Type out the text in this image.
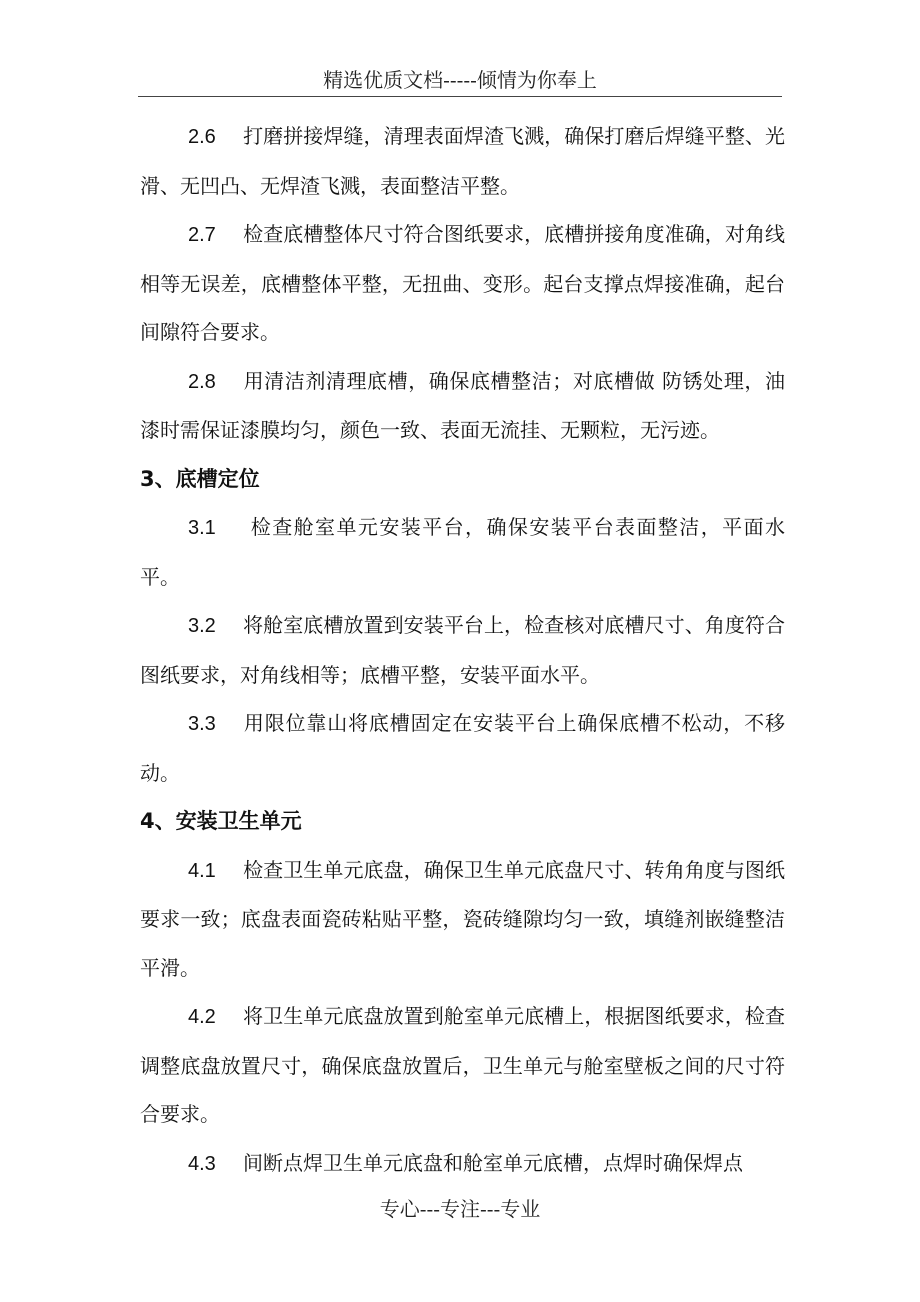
精选优质文档-----倾情为你奉上

2.6 打磨拼接焊缝，清理表面焊渣飞溅，确保打磨后焊缝平整、光滑、无凹凸、无焊渣飞溅，表面整洁平整。

2.7 检查底槽整体尺寸符合图纸要求，底槽拼接角度准确，对角线相等无误差，底槽整体平整，无扭曲、变形。起台支撑点焊接准确，起台间隙符合要求。

2.8 用清洁剂清理底槽，确保底槽整洁；对底槽做 防锈处理，油漆时需保证漆膜均匀，颜色一致、表面无流挂、无颗粒，无污迹。

3、底槽定位

3.1 检查舱室单元安装平台，确保安装平台表面整洁，平面水平。

3.2 将舱室底槽放置到安装平台上，检查核对底槽尺寸、角度符合图纸要求，对角线相等；底槽平整，安装平面水平。

3.3 用限位靠山将底槽固定在安装平台上确保底槽不松动，不移动。

4、安装卫生单元

4.1 检查卫生单元底盘，确保卫生单元底盘尺寸、转角角度与图纸要求一致；底盘表面瓷砖粘贴平整，瓷砖缝隙均匀一致，填缝剂嵌缝整洁平滑。

4.2 将卫生单元底盘放置到舱室单元底槽上，根据图纸要求，检查调整底盘放置尺寸，确保底盘放置后，卫生单元与舱室壁板之间的尺寸符合要求。

4.3 间断点焊卫生单元底盘和舱室单元底槽，点焊时确保焊点

专心---专注---专业
